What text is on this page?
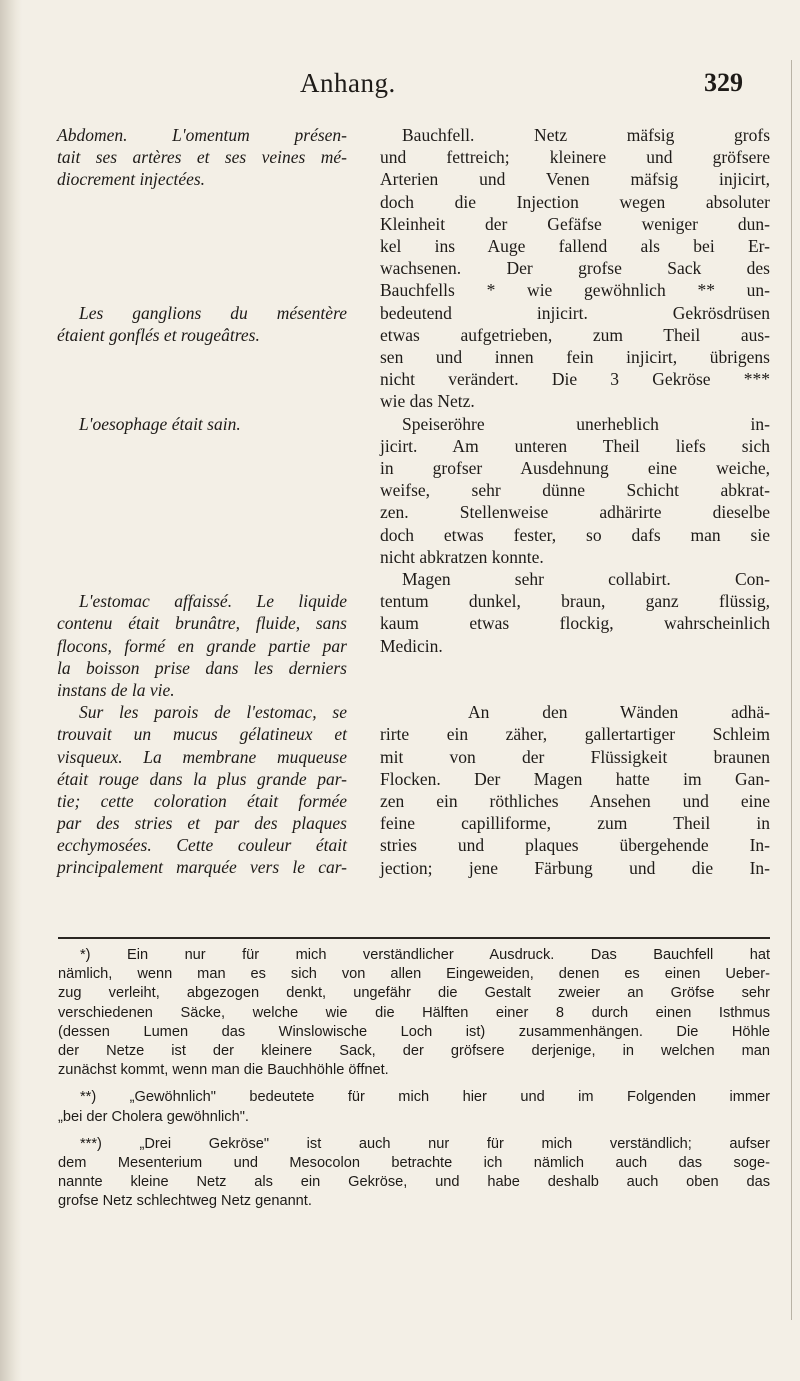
Anhang.	329
Abdomen. L'omentum présen-
tait ses artères et ses veines mé-
diocrement injectées.
Les ganglions du mésentère
étaient gonflés et rougeâtres.
L'oesophage était sain.
L'estomac affaissé. Le liquide
contenu était brunâtre, fluide, sans
flocons, formé en grande partie par
la boisson prise dans les derniers
instans de la vie.
Sur les parois de l'estomac, se
trouvait un mucus gélatineux et
visqueux. La membrane muqueuse
était rouge dans la plus grande par-
tie; cette coloration était formée
par des stries et par des plaques
ecchymosées. Cette couleur était
principalement marquée vers le car-
Bauchfell. Netz mäfsig grofs
und fettreich; kleinere und gröfsere
Arterien und Venen mäfsig injicirt,
doch die Injection wegen absoluter
Kleinheit der Gefäfse weniger dun-
kel ins Auge fallend als bei Er-
wachsenen. Der grofse Sack des
Bauchfells * wie gewöhnlich ** un-
bedeutend injicirt. Gekrösdrüsen
etwas aufgetrieben, zum Theil aus-
sen und innen fein injicirt, übrigens
nicht verändert. Die 3 Gekröse ***
wie das Netz.
Speiseröhre unerheblich in-
jicirt. Am unteren Theil liefs sich
in grofser Ausdehnung eine weiche,
weifse, sehr dünne Schicht abkrat-
zen. Stellenweise adhärirte dieselbe
doch etwas fester, so dafs man sie
nicht abkratzen konnte.
Magen sehr collabirt. Con-
tentum dunkel, braun, ganz flüssig,
kaum etwas flockig, wahrscheinlich
Medicin.
An den Wänden adhä-
rirte ein zäher, gallertartiger Schleim
mit von der Flüssigkeit braunen
Flocken. Der Magen hatte im Gan-
zen ein röthliches Ansehen und eine
feine capilliforme, zum Theil in
stries und plaques übergehende In-
jection; jene Färbung und die In-
*) Ein nur für mich verständlicher Ausdruck. Das Bauchfell hat
nämlich, wenn man es sich von allen Eingeweiden, denen es einen Ueber-
zug verleiht, abgezogen denkt, ungefähr die Gestalt zweier an Gröfse sehr
verschiedenen Säcke, welche wie die Hälften einer 8 durch einen Isthmus
(dessen Lumen das Winslowische Loch ist) zusammenhängen. Die Höhle
der Netze ist der kleinere Sack, der gröfsere derjenige, in welchen man
zunächst kommt, wenn man die Bauchhöhle öffnet.
**) „Gewöhnlich" bedeutete für mich hier und im Folgenden immer
„bei der Cholera gewöhnlich".
***) „Drei Gekröse" ist auch nur für mich verständlich; aufser
dem Mesenterium und Mesocolon betrachte ich nämlich auch das soge-
nannte kleine Netz als ein Gekröse, und habe deshalb auch oben das
grofse Netz schlechtweg Netz genannt.
